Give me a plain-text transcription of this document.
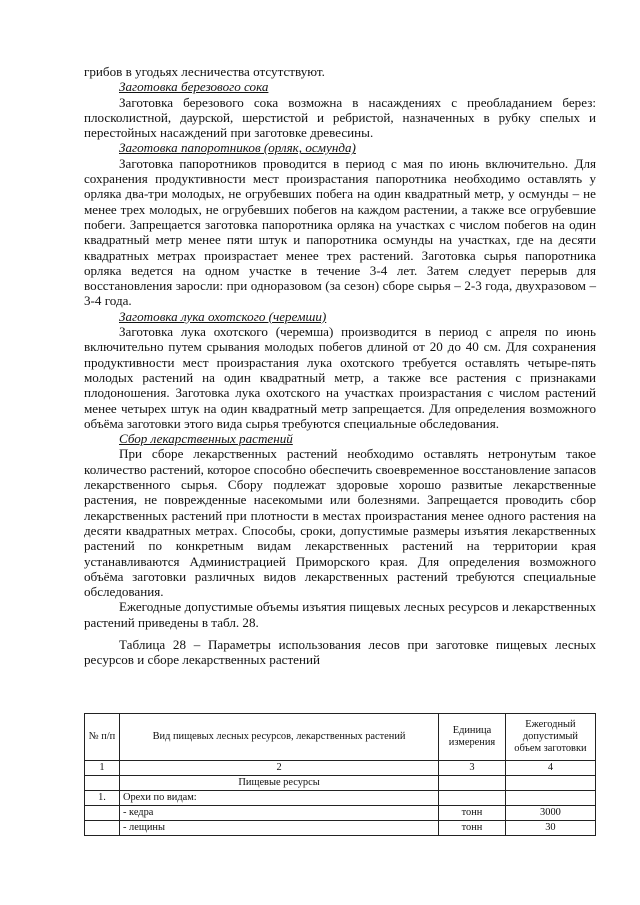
грибов в угодьях лесничества отсутствуют.

Заготовка березового сока

Заготовка березового сока возможна в насаждениях с преобладанием берез: плосколистной, даурской, шерстистой и ребристой, назначенных в рубку спелых и перестойных насаждений при заготовке древесины.

Заготовка папоротников (орляк, осмунда)

Заготовка папоротников проводится в период с мая по июнь включительно. Для сохранения продуктивности мест произрастания папоротника необходимо оставлять у орляка два-три молодых, не огрубевших побега на один квадратный метр, у осмунды – не менее трех молодых, не огрубевших побегов на каждом растении, а также все огрубевшие побеги. Запрещается заготовка папоротника орляка на участках с числом побегов на один квадратный метр менее пяти штук и папоротника осмунды на участках, где на десяти квадратных метрах произрастает менее трех растений. Заготовка сырья папоротника орляка ведется на одном участке в течение 3-4 лет. Затем следует перерыв для восстановления заросли: при одноразовом (за сезон) сборе сырья – 2-3 года, двухразовом – 3-4 года.

Заготовка лука охотского (черемши)

Заготовка лука охотского (черемша) производится в период с апреля по июнь включительно путем срывания молодых побегов длиной от 20 до 40 см. Для сохранения продуктивности мест произрастания лука охотского требуется оставлять четыре-пять молодых растений на один квадратный метр, а также все растения с признаками плодоношения. Заготовка лука охотского на участках произрастания с числом растений менее четырех штук на один квадратный метр запрещается. Для определения возможного объёма заготовки этого вида сырья требуются специальные обследования.

Сбор лекарственных растений

При сборе лекарственных растений необходимо оставлять нетронутым такое количество растений, которое способно обеспечить своевременное восстановление запасов лекарственного сырья. Сбору подлежат здоровые хорошо развитые лекарственные растения, не поврежденные насекомыми или болезнями. Запрещается проводить сбор лекарственных растений при плотности в местах произрастания менее одного растения на десяти квадратных метрах. Способы, сроки, допустимые размеры изъятия лекарственных растений по конкретным видам лекарственных растений на территории края устанавливаются Администрацией Приморского края. Для определения возможного объёма заготовки различных видов лекарственных растений требуются специальные обследования.

Ежегодные допустимые объемы изъятия пищевых лесных ресурсов и лекарственных растений приведены в табл. 28.

Таблица 28 – Параметры использования лесов при заготовке пищевых лесных ресурсов и сборе лекарственных растений

№ п/п	Вид пищевых лесных ресурсов, лекарственных растений	Единица измерения	Ежегодный допустимый объем заготовки
1	2	3	4
	Пищевые ресурсы		
1.	Орехи по видам:		
	- кедра	тонн	3000
	- лещины	тонн	30
